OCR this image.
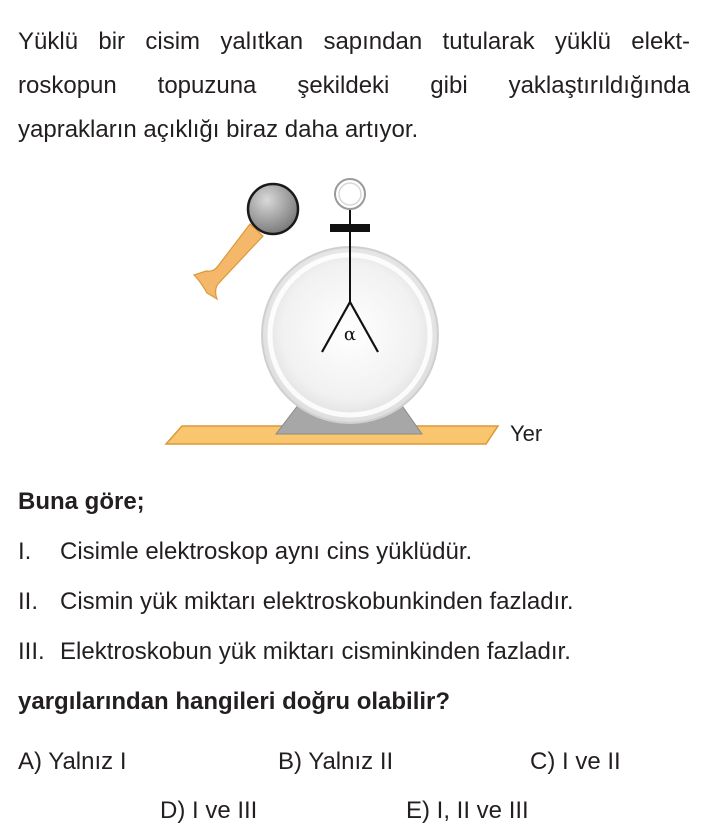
Yüklü bir cisim yalıtkan sapından tutularak yüklü elekt-
roskopun topuzuna şekildeki gibi yaklaştırıldığında
yaprakların açıklığı biraz daha artıyor.
α
Yer
Buna göre;
I. Cisimle elektroskop aynı cins yüklüdür.
II. Cismin yük miktarı elektroskobunkinden fazladır.
III. Elektroskobun yük miktarı cisminkinden fazladır.
yargılarından hangileri doğru olabilir?
A) Yalnız I	B) Yalnız II	C) I ve II
D) I ve III	E) I, II ve III
